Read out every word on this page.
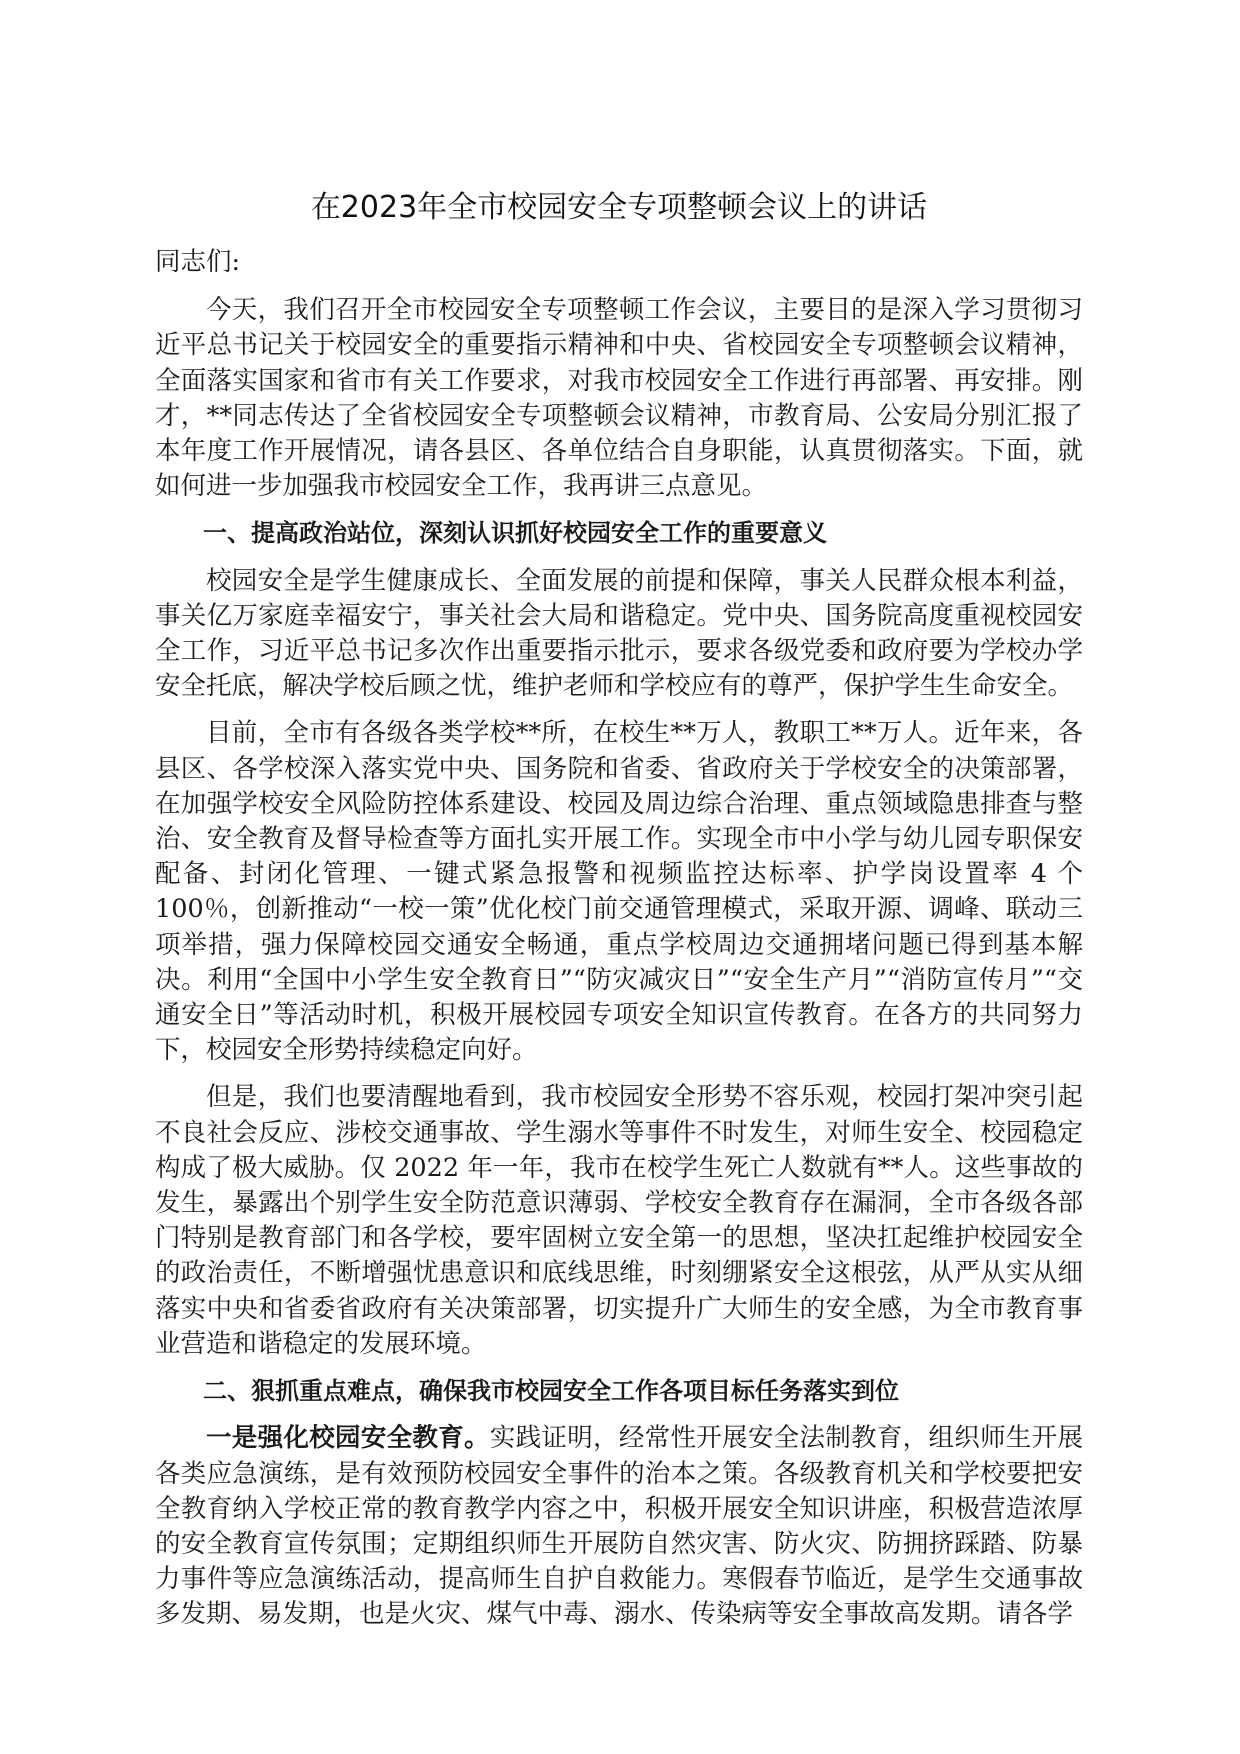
在2023年全市校园安全专项整顿会议上的讲话

同志们:

今天，我们召开全市校园安全专项整顿工作会议，主要目的是深入学习贯彻习近平总书记关于校园安全的重要指示精神和中央、省校园安全专项整顿会议精神，全面落实国家和省市有关工作要求，对我市校园安全工作进行再部署、再安排。刚才，**同志传达了全省校园安全专项整顿会议精神，市教育局、公安局分别汇报了本年度工作开展情况，请各县区、各单位结合自身职能，认真贯彻落实。下面，就如何进一步加强我市校园安全工作，我再讲三点意见。

一、提高政治站位，深刻认识抓好校园安全工作的重要意义

校园安全是学生健康成长、全面发展的前提和保障，事关人民群众根本利益，事关亿万家庭幸福安宁，事关社会大局和谐稳定。党中央、国务院高度重视校园安全工作，习近平总书记多次作出重要指示批示，要求各级党委和政府要为学校办学安全托底，解决学校后顾之忧，维护老师和学校应有的尊严，保护学生生命安全。

目前，全市有各级各类学校**所，在校生**万人，教职工**万人。近年来，各县区、各学校深入落实党中央、国务院和省委、省政府关于学校安全的决策部署，在加强学校安全风险防控体系建设、校园及周边综合治理、重点领域隐患排查与整治、安全教育及督导检查等方面扎实开展工作。实现全市中小学与幼儿园专职保安配备、封闭化管理、一键式紧急报警和视频监控达标率、护学岗设置率 4 个 100％，创新推动“一校一策”优化校门前交通管理模式，采取开源、调峰、联动三项举措，强力保障校园交通安全畅通，重点学校周边交通拥堵问题已得到基本解决。利用“全国中小学生安全教育日”“防灾减灾日”“安全生产月”“消防宣传月”“交通安全日”等活动时机，积极开展校园专项安全知识宣传教育。在各方的共同努力下，校园安全形势持续稳定向好。

但是，我们也要清醒地看到，我市校园安全形势不容乐观，校园打架冲突引起不良社会反应、涉校交通事故、学生溺水等事件不时发生，对师生安全、校园稳定构成了极大威胁。仅 2022 年一年，我市在校学生死亡人数就有**人。这些事故的发生，暴露出个别学生安全防范意识薄弱、学校安全教育存在漏洞，全市各级各部门特别是教育部门和各学校，要牢固树立安全第一的思想，坚决扛起维护校园安全的政治责任，不断增强忧患意识和底线思维，时刻绷紧安全这根弦，从严从实从细落实中央和省委省政府有关决策部署，切实提升广大师生的安全感，为全市教育事业营造和谐稳定的发展环境。

二、狠抓重点难点，确保我市校园安全工作各项目标任务落实到位

一是强化校园安全教育。实践证明，经常性开展安全法制教育，组织师生开展各类应急演练，是有效预防校园安全事件的治本之策。各级教育机关和学校要把安全教育纳入学校正常的教育教学内容之中，积极开展安全知识讲座，积极营造浓厚的安全教育宣传氛围；定期组织师生开展防自然灾害、防火灾、防拥挤踩踏、防暴力事件等应急演练活动，提高师生自护自救能力。寒假春节临近，是学生交通事故多发期、易发期，也是火灾、煤气中毒、溺水、传染病等安全事故高发期。请各学
